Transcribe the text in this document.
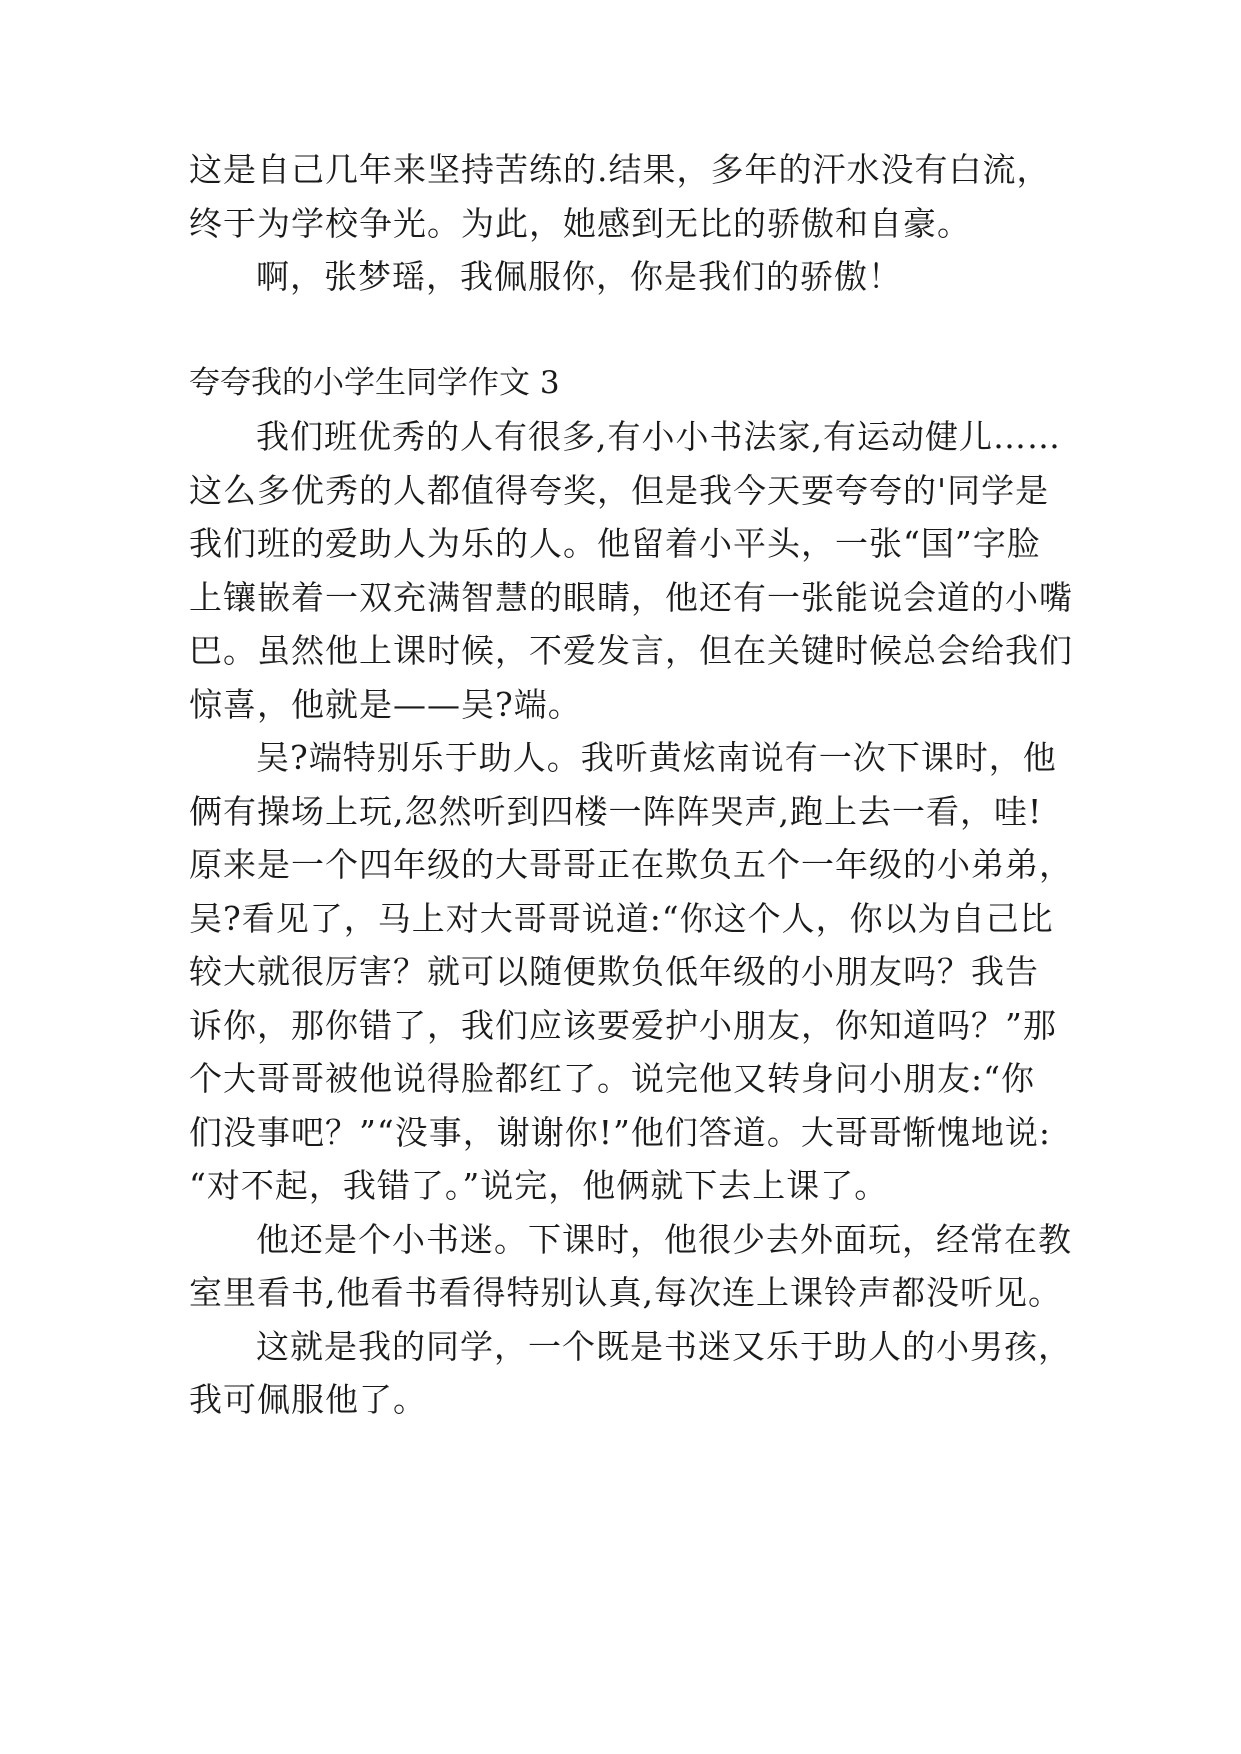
这是自己几年来坚持苦练的.结果，多年的汗水没有白流，
终于为学校争光。为此，她感到无比的骄傲和自豪。
啊，张梦瑶，我佩服你，你是我们的骄傲！
夸夸我的小学生同学作文 3
我们班优秀的人有很多,有小小书法家,有运动健儿……
这么多优秀的人都值得夸奖，但是我今天要夸夸的'同学是
我们班的爱助人为乐的人。他留着小平头，一张“国”字脸
上镶嵌着一双充满智慧的眼睛，他还有一张能说会道的小嘴
巴。虽然他上课时候，不爱发言，但在关键时候总会给我们
惊喜，他就是——吴?端。
吴?端特别乐于助人。我听黄炫南说有一次下课时，他
俩有操场上玩,忽然听到四楼一阵阵哭声,跑上去一看，哇!
原来是一个四年级的大哥哥正在欺负五个一年级的小弟弟，
吴?看见了，马上对大哥哥说道:“你这个人，你以为自己比
较大就很厉害？就可以随便欺负低年级的小朋友吗？我告
诉你，那你错了，我们应该要爱护小朋友，你知道吗？”那
个大哥哥被他说得脸都红了。说完他又转身问小朋友:“你
们没事吧？”“没事，谢谢你!”他们答道。大哥哥惭愧地说:
“对不起，我错了。”说完，他俩就下去上课了。
他还是个小书迷。下课时，他很少去外面玩，经常在教
室里看书,他看书看得特别认真,每次连上课铃声都没听见。
这就是我的同学，一个既是书迷又乐于助人的小男孩，
我可佩服他了。
